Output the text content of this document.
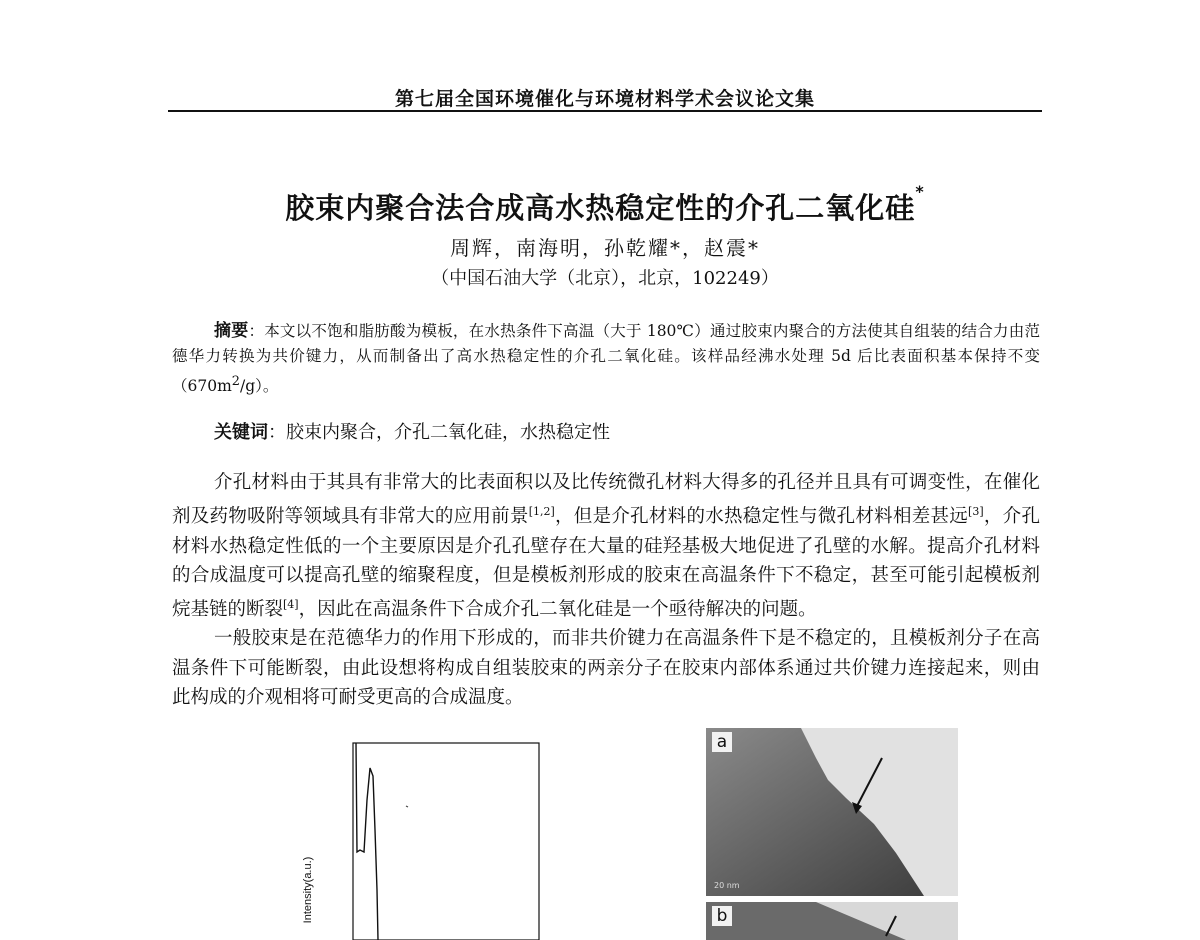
第七届全国环境催化与环境材料学术会议论文集
胶束内聚合法合成高水热稳定性的介孔二氧化硅*
周辉，南海明，孙乾耀*，赵震*
（中国石油大学（北京），北京，102249）
摘要：本文以不饱和脂肪酸为模板，在水热条件下高温（大于 180℃）通过胶束内聚合的方法使其自组装的结合力由范德华力转换为共价键力，从而制备出了高水热稳定性的介孔二氧化硅。该样品经沸水处理 5d 后比表面积基本保持不变$(670m^2/g)$。
关键词：胶束内聚合，介孔二氧化硅，水热稳定性

介孔材料由于其具有非常大的比表面积以及比传统微孔材料大得多的孔径并且具有可调变性，在催化剂及药物吸附等领域具有非常大的应用前景[1,2]，但是介孔材料的水热稳定性与微孔材料相差甚远[3]，介孔材料水热稳定性低的一个主要原因是介孔孔壁存在大量的硅羟基极大地促进了孔壁的水解。提高介孔材料的合成温度可以提高孔壁的缩聚程度，但是模板剂形成的胶束在高温条件下不稳定，甚至可能引起模板剂烷基链的断裂[4]，因此在高温条件下合成介孔二氧化硅是一个亟待解决的问题。

一般胶束是在范德华力的作用下形成的，而非共价键力在高温条件下是不稳定的，且模板剂分子在高温条件下可能断裂，由此设想将构成自组装胶束的两亲分子在胶束内部体系通过共价键力连接起来，则由此构成的介观相将可耐受更高的合成温度。

Intensity(a.u.)
a
20 nm
b
